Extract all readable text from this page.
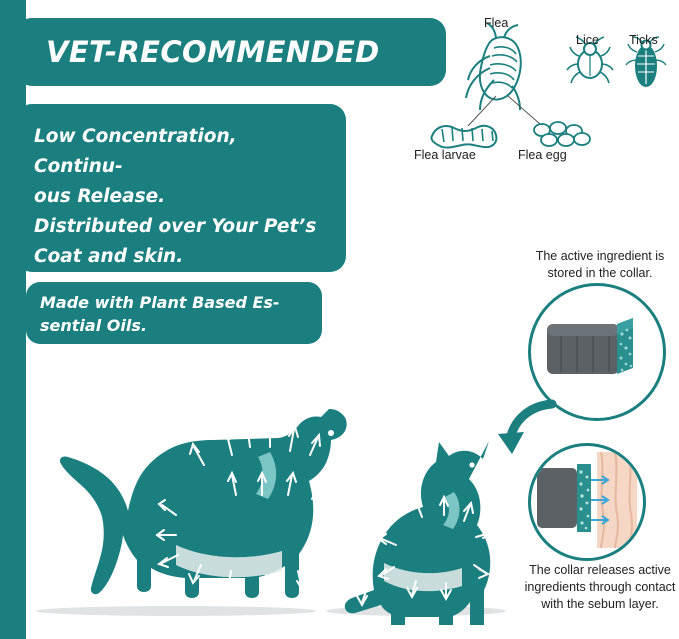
VET-RECOMMENDED

Low Concentration, Continu-

ous Release.

Distributed over Your Pet’s

Coat and skin.

Made with Plant Based Es-

sential Oils.

Flea
Lice Ticks
Flea larvae	Flea egg
The active ingredient is stored in the collar.
The collar releases active ingredients through contact with the sebum layer.
